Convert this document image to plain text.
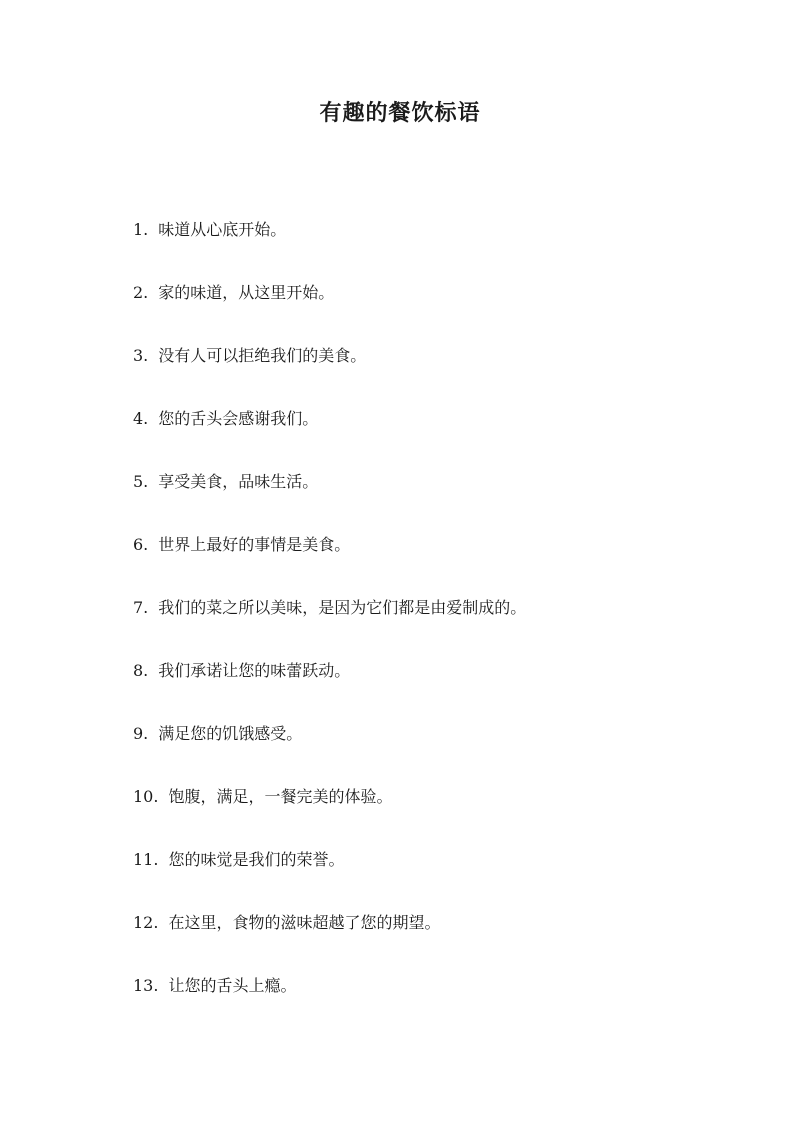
有趣的餐饮标语
1. 味道从心底开始。
2. 家的味道，从这里开始。
3. 没有人可以拒绝我们的美食。
4. 您的舌头会感谢我们。
5. 享受美食，品味生活。
6. 世界上最好的事情是美食。
7. 我们的菜之所以美味，是因为它们都是由爱制成的。
8. 我们承诺让您的味蕾跃动。
9. 满足您的饥饿感受。
10. 饱腹，满足，一餐完美的体验。
11. 您的味觉是我们的荣誉。
12. 在这里，食物的滋味超越了您的期望。
13. 让您的舌头上瘾。
